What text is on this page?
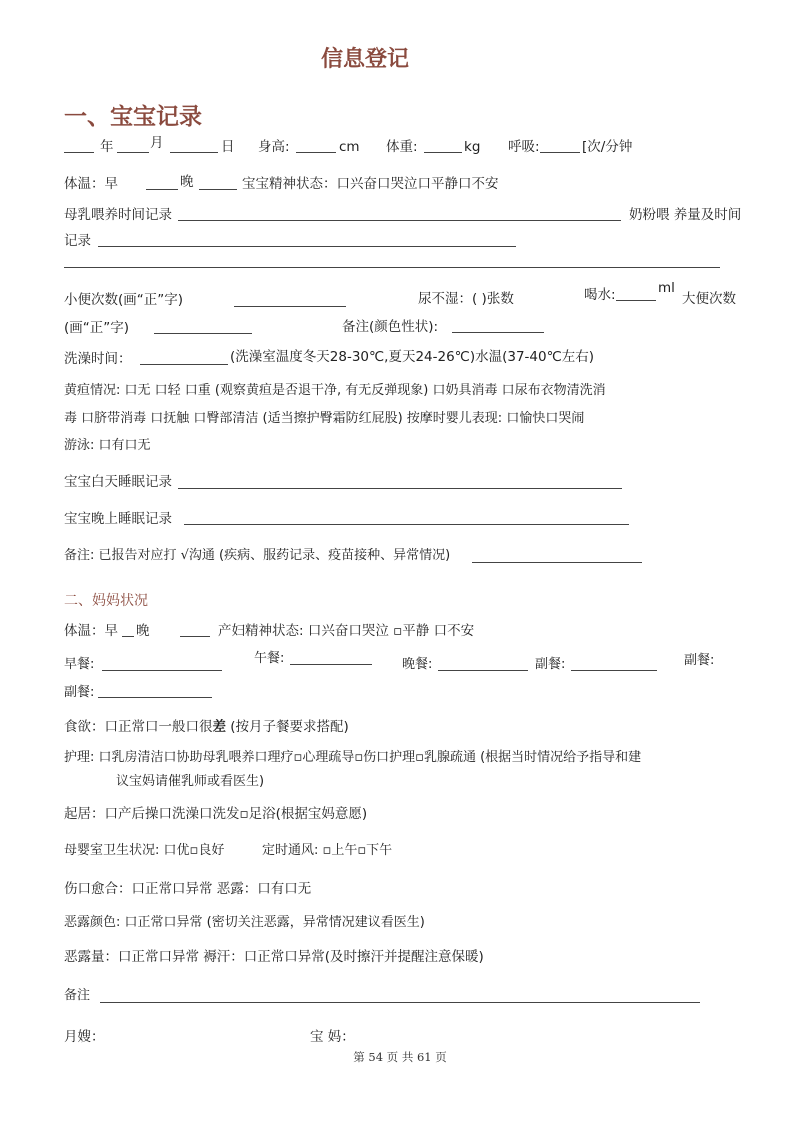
信息登记
一、宝宝记录
年	月	日 身高:	cm 体重:	kg 呼吸:	[次/分钟
体温：早	晚	宝宝精神状态：口兴奋口哭泣口平静口不安
母乳喂养时间记录	奶粉喂 养量及时间
记录
小便次数(画“正”字)	尿不湿：( )张数	喝水:	ml
大便次数
(画“正”字)	备注(颜色性状):
洗澡时间：	(洗澡室温度冬天28-30℃,夏天24-26℃)水温(37-40℃左右)
黄疸情况: 口无 口轻 口重 (观察黄疸是否退干净, 有无反弹现象) 口奶具消毒 口尿布衣物清洗消
毒 口脐带消毒 口抚触 口臀部清洁 (适当擦护臀霜防红屁股) 按摩时婴儿表现: 口愉快口哭闹
游泳: 口有口无
宝宝白天睡眠记录
宝宝晚上睡眠记录
备注: 已报告对应打 √沟通 (疾病、服药记录、疫苗接种、异常情况)
二、妈妈状况
体温：早 晚	产妇精神状态: 口兴奋口哭泣 ▫平静 口不安
早餐:	午餐:	晚餐:	副餐:	副餐:
副餐:
食欲：口正常口一般口很差 (按月子餐要求搭配)
护理: 口乳房清洁口协助母乳喂养口理疗▫心理疏导▫伤口护理▫乳腺疏通 (根据当时情况给予指导和建
议宝妈请催乳师或看医生)
起居：口产后操口洗澡口洗发▫足浴(根据宝妈意愿)
母婴室卫生状况: 口优▫良好	定时通风: ▫上午▫下午
伤口愈合：口正常口异常 恶露：口有口无
恶露颜色: 口正常口异常 (密切关注恶露，异常情况建议看医生)
恶露量：口正常口异常 褥汗：口正常口异常(及时擦汗并提醒注意保暖)
备注
月嫂：	宝 妈：
第 54 页 共 61 页
